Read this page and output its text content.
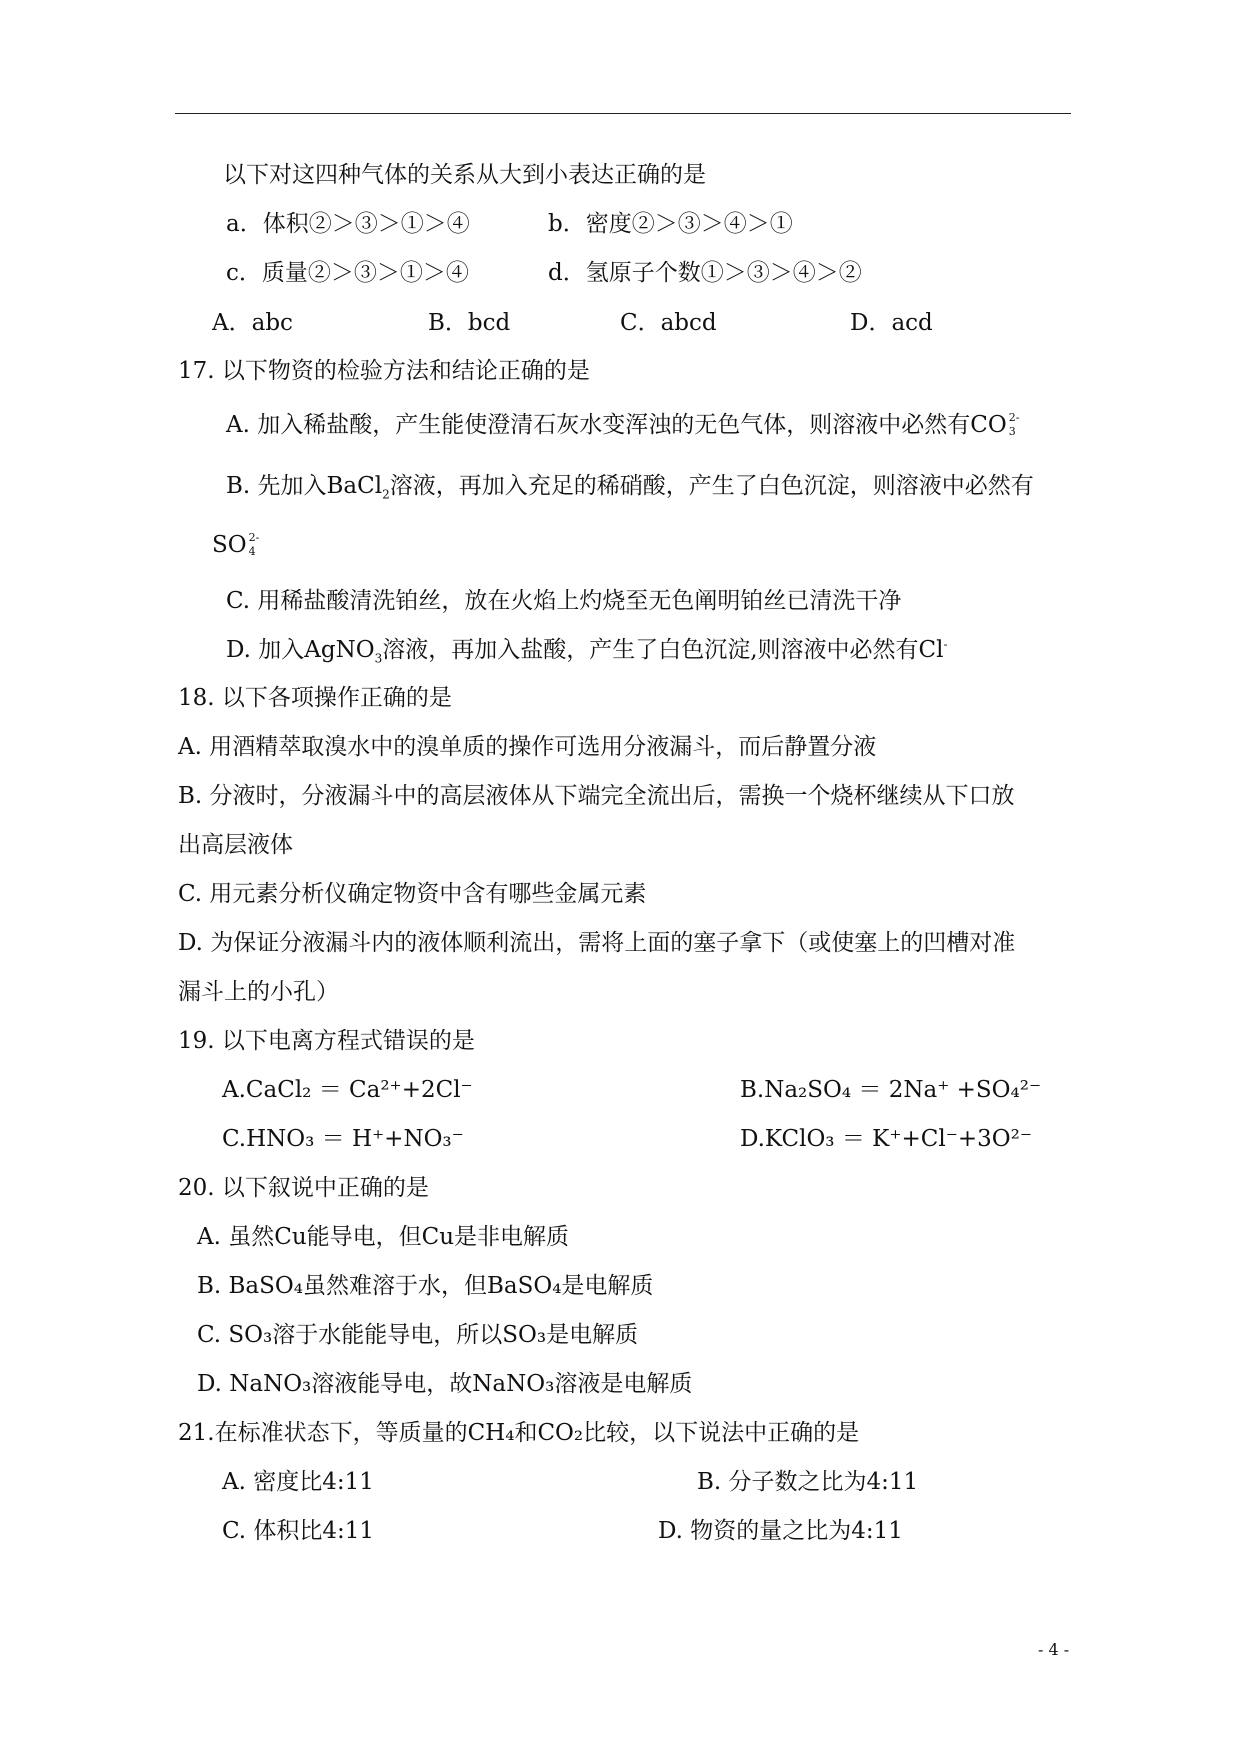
以下对这四种气体的关系从大到小表达正确的是
a．体积②＞③＞①＞④	b．密度②＞③＞④＞①
c．质量②＞③＞①＞④	d．氢原子个数①＞③＞④＞②
A．abc	B．bcd	C．abcd	D．acd
17. 以下物资的检验方法和结论正确的是
A. 加入稀盐酸，产生能使澄清石灰水变浑浊的无色气体，则溶液中必然有CO 2-
3
B. 先加入BaCl$_2$溶液，再加入充足的稀硝酸，产生了白色沉淀，则溶液中必然有
SO 2-
4
C. 用稀盐酸清洗铂丝，放在火焰上灼烧至无色阐明铂丝已清洗干净
D. 加入AgNO$_3$溶液，再加入盐酸，产生了白色沉淀,则溶液中必然有Cl-
18. 以下各项操作正确的是
A. 用酒精萃取溴水中的溴单质的操作可选用分液漏斗，而后静置分液
B. 分液时，分液漏斗中的高层液体从下端完全流出后，需换一个烧杯继续从下口放
出高层液体
C. 用元素分析仪确定物资中含有哪些金属元素
D. 为保证分液漏斗内的液体顺利流出，需将上面的塞子拿下（或使塞上的凹槽对准
漏斗上的小孔）
19. 以下电离方程式错误的是
A.CaCl₂ ＝ Ca²⁺+2Cl⁻	B.Na₂SO₄ ＝ 2Na⁺ +SO₄²⁻
C.HNO₃ ＝ H⁺+NO₃⁻	D.KClO₃ ＝ K⁺+Cl⁻+3O²⁻
20. 以下叙说中正确的是
A. 虽然Cu能导电，但Cu是非电解质
B. BaSO₄虽然难溶于水，但BaSO₄是电解质
C. SO₃溶于水能能导电，所以SO₃是电解质
D. NaNO₃溶液能导电，故NaNO₃溶液是电解质
21.在标准状态下，等质量的CH₄和CO₂比较，以下说法中正确的是
A. 密度比4:11	B. 分子数之比为4:11
C. 体积比4:11	D. 物资的量之比为4:11
- 4 -
